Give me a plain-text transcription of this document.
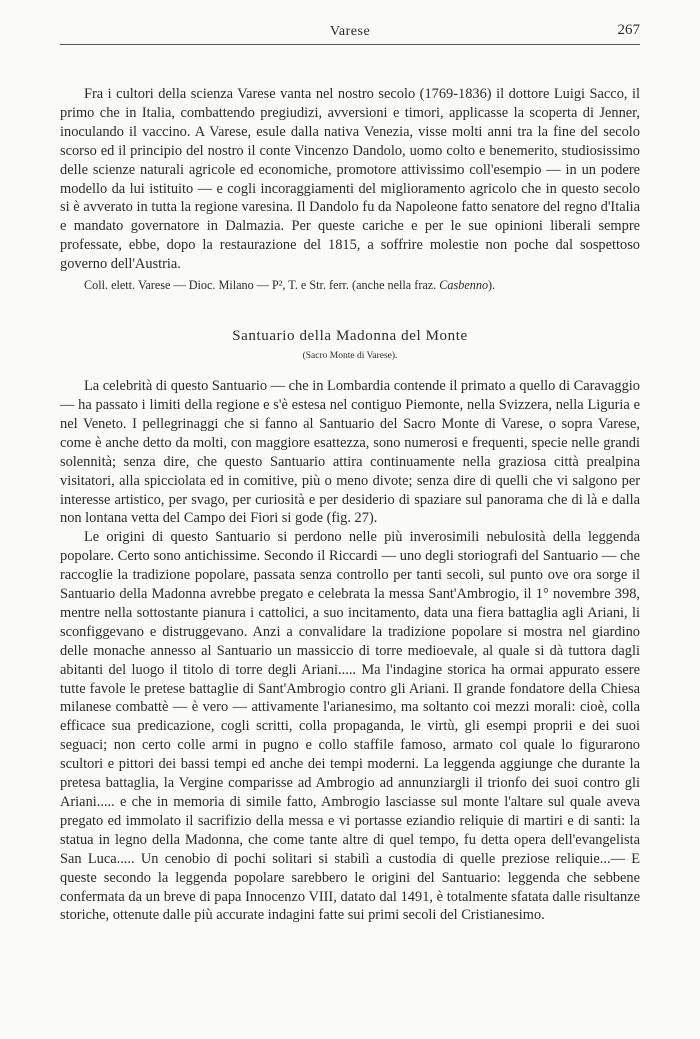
Varese	267

Fra i cultori della scienza Varese vanta nel nostro secolo (1769-1836) il dottore Luigi Sacco, il primo che in Italia, combattendo pregiudizi, avversioni e timori, applicasse la scoperta di Jenner, inoculando il vaccino. A Varese, esule dalla nativa Venezia, visse molti anni tra la fine del secolo scorso ed il principio del nostro il conte Vincenzo Dandolo, uomo colto e benemerito, studiosissimo delle scienze naturali agricole ed economiche, promotore attivissimo coll'esempio — in un podere modello da lui istituito — e cogli incoraggiamenti del miglioramento agricolo che in questo secolo si è avverato in tutta la regione varesina. Il Dandolo fu da Napoleone fatto senatore del regno d'Italia e mandato governatore in Dalmazia. Per queste cariche e per le sue opinioni liberali sempre professate, ebbe, dopo la restaurazione del 1815, a soffrire molestie non poche dal sospettoso governo dell'Austria.

Coll. elett. Varese — Dioc. Milano — P², T. e Str. ferr. (anche nella fraz. Casbenno).
Santuario della Madonna del Monte
(Sacro Monte di Varese).

La celebrità di questo Santuario — che in Lombardia contende il primato a quello di Caravaggio — ha passato i limiti della regione e s'è estesa nel contiguo Piemonte, nella Svizzera, nella Liguria e nel Veneto. I pellegrinaggi che si fanno al Santuario del Sacro Monte di Varese, o sopra Varese, come è anche detto da molti, con maggiore esattezza, sono numerosi e frequenti, specie nelle grandi solennità; senza dire, che questo Santuario attira continuamente nella graziosa città prealpina visitatori, alla spicciolata ed in comitive, più o meno divote; senza dire di quelli che vi salgono per interesse artistico, per svago, per curiosità e per desiderio di spaziare sul panorama che di là e dalla non lontana vetta del Campo dei Fiori si gode (fig. 27).

Le origini di questo Santuario si perdono nelle più inverosimili nebulosità della leggenda popolare. Certo sono antichissime. Secondo il Riccardi — uno degli storiografi del Santuario — che raccoglie la tradizione popolare, passata senza controllo per tanti secoli, sul punto ove ora sorge il Santuario della Madonna avrebbe pregato e celebrata la messa Sant'Ambrogio, il 1° novembre 398, mentre nella sottostante pianura i cattolici, a suo incitamento, data una fiera battaglia agli Ariani, li sconfiggevano e distruggevano. Anzi a convalidare la tradizione popolare si mostra nel giardino delle monache annesso al Santuario un massiccio di torre medioevale, al quale si dà tuttora dagli abitanti del luogo il titolo di torre degli Ariani..... Ma l'indagine storica ha ormai appurato essere tutte favole le pretese battaglie di Sant'Ambrogio contro gli Ariani. Il grande fondatore della Chiesa milanese combattè — è vero — attivamente l'arianesimo, ma soltanto coi mezzi morali: cioè, colla efficace sua predicazione, cogli scritti, colla propaganda, le virtù, gli esempi proprii e dei suoi seguaci; non certo colle armi in pugno e collo staffile famoso, armato col quale lo figurarono scultori e pittori dei bassi tempi ed anche dei tempi moderni. La leggenda aggiunge che durante la pretesa battaglia, la Vergine comparisse ad Ambrogio ad annunziargli il trionfo dei suoi contro gli Ariani..... e che in memoria di simile fatto, Ambrogio lasciasse sul monte l'altare sul quale aveva pregato ed immolato il sacrifizio della messa e vi portasse eziandio reliquie di martiri e di santi: la statua in legno della Madonna, che come tante altre di quel tempo, fu detta opera dell'evangelista San Luca..... Un cenobio di pochi solitari si stabilì a custodia di quelle preziose reliquie...— E queste secondo la leggenda popolare sarebbero le origini del Santuario: leggenda che sebbene confermata da un breve di papa Innocenzo VIII, datato dal 1491, è totalmente sfatata dalle risultanze storiche, ottenute dalle più accurate indagini fatte sui primi secoli del Cristianesimo.
